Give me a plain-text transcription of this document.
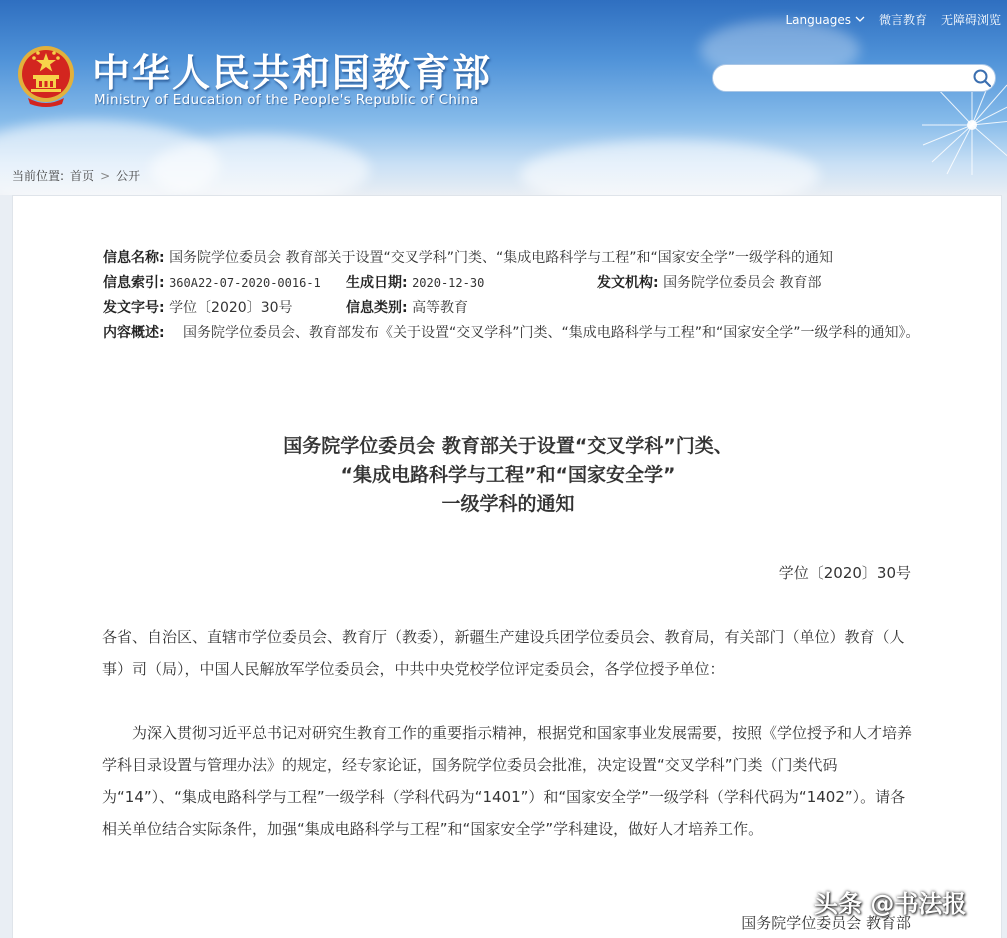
中华人民共和国教育部
Ministry of Education of the People's Republic of China
Languages 微言教育 无障碍浏览
当前位置: 首页 > 公开
信息名称: 国务院学位委员会 教育部关于设置“交叉学科”门类、“集成电路科学与工程”和“国家安全学”一级学科的通知
信息索引: 360A22-07-2020-0016-1 生成日期: 2020-12-30	发文机构: 国务院学位委员会 教育部
发文字号: 学位〔2020〕30号	信息类别: 高等教育
内容概述: 国务院学位委员会、教育部发布《关于设置“交叉学科”门类、“集成电路科学与工程”和“国家安全学”一级学科的通知》。
国务院学位委员会 教育部关于设置“交叉学科”门类、
“集成电路科学与工程”和“国家安全学”
一级学科的通知
学位〔2020〕30号
各省、自治区、直辖市学位委员会、教育厅（教委），新疆生产建设兵团学位委员会、教育局，有关部门（单位）教育（人事）司（局），中国人民解放军学位委员会，中共中央党校学位评定委员会，各学位授予单位：
为深入贯彻习近平总书记对研究生教育工作的重要指示精神，根据党和国家事业发展需要，按照《学位授予和人才培养学科目录设置与管理办法》的规定，经专家论证，国务院学位委员会批准，决定设置“交叉学科”门类（门类代码为“14”）、“集成电路科学与工程”一级学科（学科代码为“1401”）和“国家安全学”一级学科（学科代码为“1402”）。请各相关单位结合实际条件，加强“集成电路科学与工程”和“国家安全学”学科建设，做好人才培养工作。
国务院学位委员会 教育部
头条 @书法报
